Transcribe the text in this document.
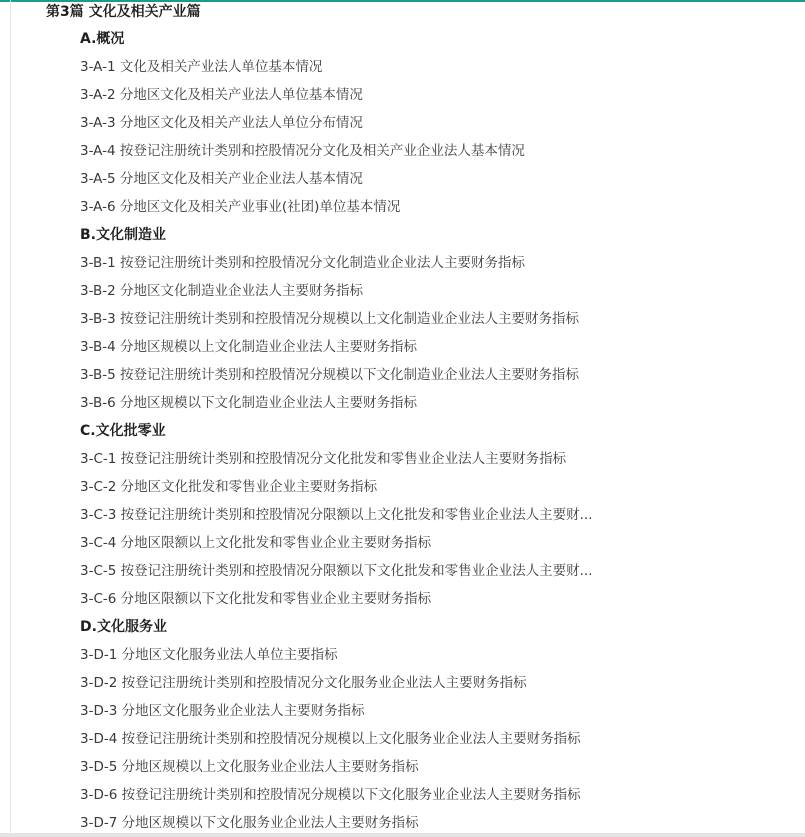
第3篇 文化及相关产业篇
A.概况
3-A-1 文化及相关产业法人单位基本情况
3-A-2 分地区文化及相关产业法人单位基本情况
3-A-3 分地区文化及相关产业法人单位分布情况
3-A-4 按登记注册统计类别和控股情况分文化及相关产业企业法人基本情况
3-A-5 分地区文化及相关产业企业法人基本情况
3-A-6 分地区文化及相关产业事业(社团)单位基本情况
B.文化制造业
3-B-1 按登记注册统计类别和控股情况分文化制造业企业法人主要财务指标
3-B-2 分地区文化制造业企业法人主要财务指标
3-B-3 按登记注册统计类别和控股情况分规模以上文化制造业企业法人主要财务指标
3-B-4 分地区规模以上文化制造业企业法人主要财务指标
3-B-5 按登记注册统计类别和控股情况分规模以下文化制造业企业法人主要财务指标
3-B-6 分地区规模以下文化制造业企业法人主要财务指标
C.文化批零业
3-C-1 按登记注册统计类别和控股情况分文化批发和零售业企业法人主要财务指标
3-C-2 分地区文化批发和零售业企业主要财务指标
3-C-3 按登记注册统计类别和控股情况分限额以上文化批发和零售业企业法人主要财...
3-C-4 分地区限额以上文化批发和零售业企业主要财务指标
3-C-5 按登记注册统计类别和控股情况分限额以下文化批发和零售业企业法人主要财...
3-C-6 分地区限额以下文化批发和零售业企业主要财务指标
D.文化服务业
3-D-1 分地区文化服务业法人单位主要指标
3-D-2 按登记注册统计类别和控股情况分文化服务业企业法人主要财务指标
3-D-3 分地区文化服务业企业法人主要财务指标
3-D-4 按登记注册统计类别和控股情况分规模以上文化服务业企业法人主要财务指标
3-D-5 分地区规模以上文化服务业企业法人主要财务指标
3-D-6 按登记注册统计类别和控股情况分规模以下文化服务业企业法人主要财务指标
3-D-7 分地区规模以下文化服务业企业法人主要财务指标
